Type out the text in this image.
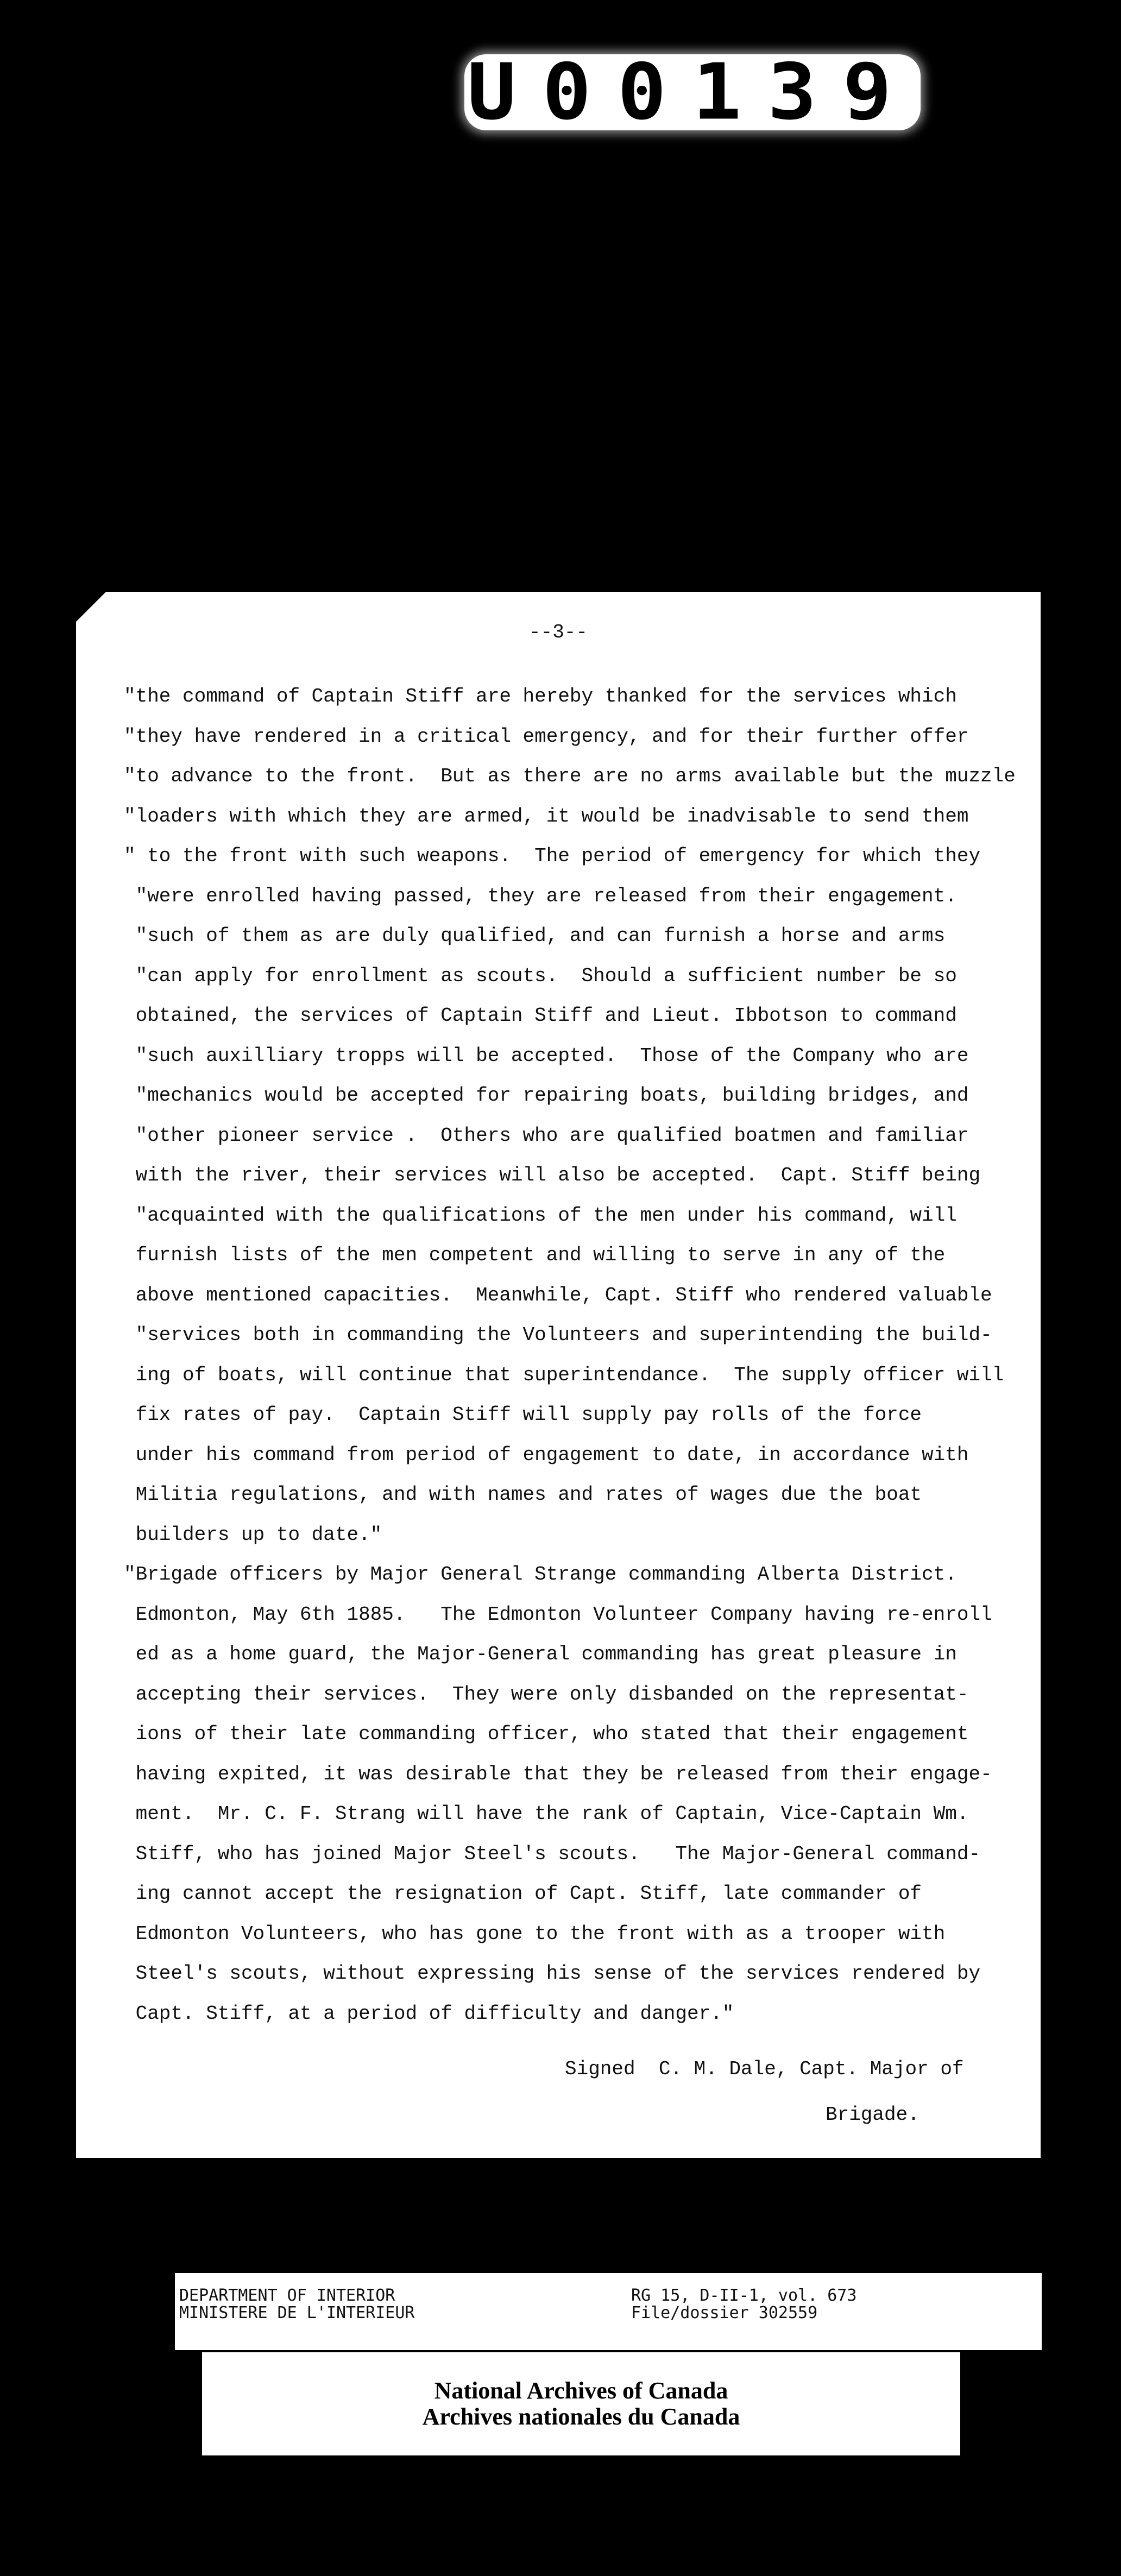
U00139
--3--
"the command of Captain Stiff are hereby thanked for the services which
"they have rendered in a critical emergency, and for their further offer
"to advance to the front.  But as there are no arms available but the muzzle
"loaders with which they are armed, it would be inadvisable to send them
" to the front with such weapons.  The period of emergency for which they
"were enrolled having passed, they are released from their engagement.
"such of them as are duly qualified, and can furnish a horse and arms
"can apply for enrollment as scouts.  Should a sufficient number be so
obtained, the services of Captain Stiff and Lieut. Ibbotson to command
"such auxilliary tropps will be accepted.  Those of the Company who are
"mechanics would be accepted for repairing boats, building bridges, and
"other pioneer service .  Others who are qualified boatmen and familiar
with the river, their services will also be accepted.  Capt. Stiff being
"acquainted with the qualifications of the men under his command, will
furnish lists of the men competent and willing to serve in any of the
above mentioned capacities.  Meanwhile, Capt. Stiff who rendered valuable
"services both in commanding the Volunteers and superintending the build-
ing of boats, will continue that superintendance.  The supply officer will
fix rates of pay.  Captain Stiff will supply pay rolls of the force
under his command from period of engagement to date, in accordance with
Militia regulations, and with names and rates of wages due the boat
builders up to date."
"Brigade officers by Major General Strange commanding Alberta District.
Edmonton, May 6th 1885.   The Edmonton Volunteer Company having re-enroll
ed as a home guard, the Major-General commanding has great pleasure in
accepting their services.  They were only disbanded on the representat-
ions of their late commanding officer, who stated that their engagement
having expited, it was desirable that they be released from their engage-
ment.  Mr. C. F. Strang will have the rank of Captain, Vice-Captain Wm.
Stiff, who has joined Major Steel's scouts.   The Major-General command-
ing cannot accept the resignation of Capt. Stiff, late commander of
Edmonton Volunteers, who has gone to the front with as a trooper with
Steel's scouts, without expressing his sense of the services rendered by
Capt. Stiff, at a period of difficulty and danger."
Signed  C. M. Dale, Capt. Major of
Brigade.
DEPARTMENT OF INTERIOR
MINISTERE DE L'INTERIEUR
RG 15, D-II-1, vol. 673
File/dossier 302559
National Archives of Canada
Archives nationales du Canada
